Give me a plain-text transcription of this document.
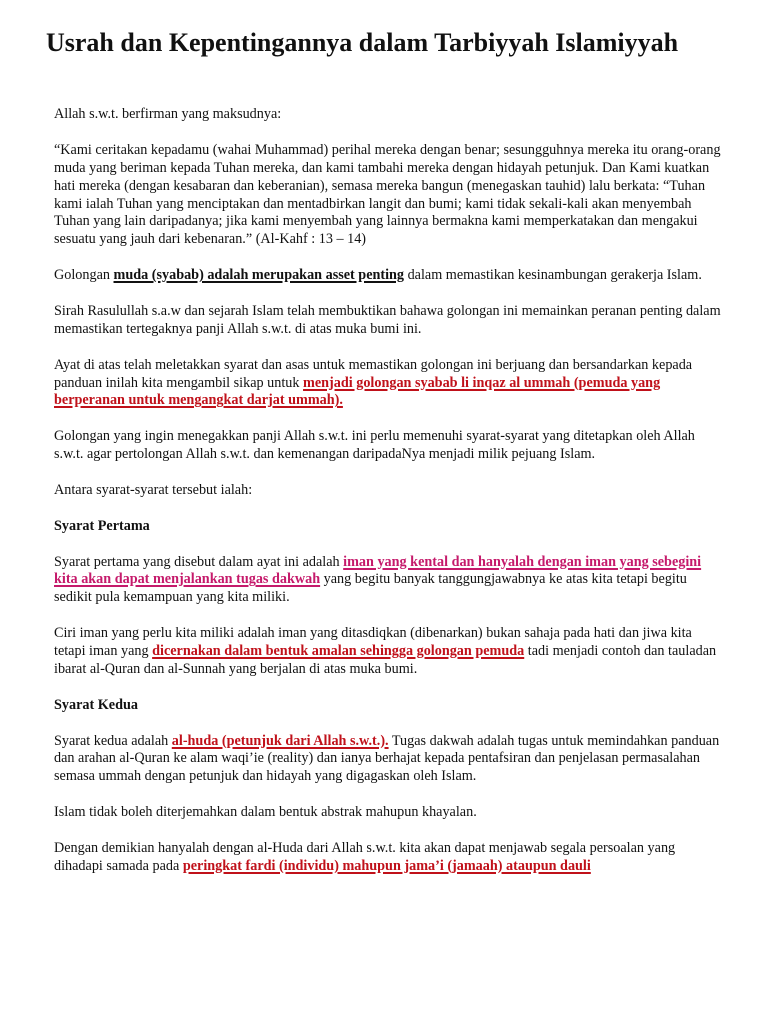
Usrah dan Kepentingannya dalam Tarbiyyah Islamiyyah

Allah s.w.t. berfirman yang maksudnya:

“Kami ceritakan kepadamu (wahai Muhammad) perihal mereka dengan benar; sesungguhnya mereka itu orang-orang muda yang beriman kepada Tuhan mereka, dan kami tambahi mereka dengan hidayah petunjuk. Dan Kami kuatkan hati mereka (dengan kesabaran dan keberanian), semasa mereka bangun (menegaskan tauhid) lalu berkata: “Tuhan kami ialah Tuhan yang menciptakan dan mentadbirkan langit dan bumi; kami tidak sekali-kali akan menyembah Tuhan yang lain daripadanya; jika kami menyembah yang lainnya bermakna kami memperkatakan dan mengakui sesuatu yang jauh dari kebenaran.” (Al-Kahf : 13 – 14)

Golongan muda (syabab) adalah merupakan asset penting dalam memastikan kesinambungan gerakerja Islam.

Sirah Rasulullah s.a.w dan sejarah Islam telah membuktikan bahawa golongan ini memainkan peranan penting dalam memastikan tertegaknya panji Allah s.w.t. di atas muka bumi ini.

Ayat di atas telah meletakkan syarat dan asas untuk memastikan golongan ini berjuang dan bersandarkan kepada panduan inilah kita mengambil sikap untuk menjadi golongan syabab li inqaz al ummah (pemuda yang berperanan untuk mengangkat darjat ummah).

Golongan yang ingin menegakkan panji Allah s.w.t. ini perlu memenuhi syarat-syarat yang ditetapkan oleh Allah s.w.t. agar pertolongan Allah s.w.t. dan kemenangan daripadaNya menjadi milik pejuang Islam.

Antara syarat-syarat tersebut ialah:

Syarat Pertama

Syarat pertama yang disebut dalam ayat ini adalah iman yang kental dan hanyalah dengan iman yang sebegini kita akan dapat menjalankan tugas dakwah yang begitu banyak tanggungjawabnya ke atas kita tetapi begitu sedikit pula kemampuan yang kita miliki.

Ciri iman yang perlu kita miliki adalah iman yang ditasdiqkan (dibenarkan) bukan sahaja pada hati dan jiwa kita tetapi iman yang dicernakan dalam bentuk amalan sehingga golongan pemuda tadi menjadi contoh dan tauladan ibarat al-Quran dan al-Sunnah yang berjalan di atas muka bumi.

Syarat Kedua

Syarat kedua adalah al-huda (petunjuk dari Allah s.w.t.). Tugas dakwah adalah tugas untuk memindahkan panduan dan arahan al-Quran ke alam waqi’ie (reality) dan ianya berhajat kepada pentafsiran dan penjelasan permasalahan semasa ummah dengan petunjuk dan hidayah yang digagaskan oleh Islam.

Islam tidak boleh diterjemahkan dalam bentuk abstrak mahupun khayalan.

Dengan demikian hanyalah dengan al-Huda dari Allah s.w.t. kita akan dapat menjawab segala persoalan yang dihadapi samada pada peringkat fardi (individu) mahupun jama’i (jamaah) ataupun dauli
